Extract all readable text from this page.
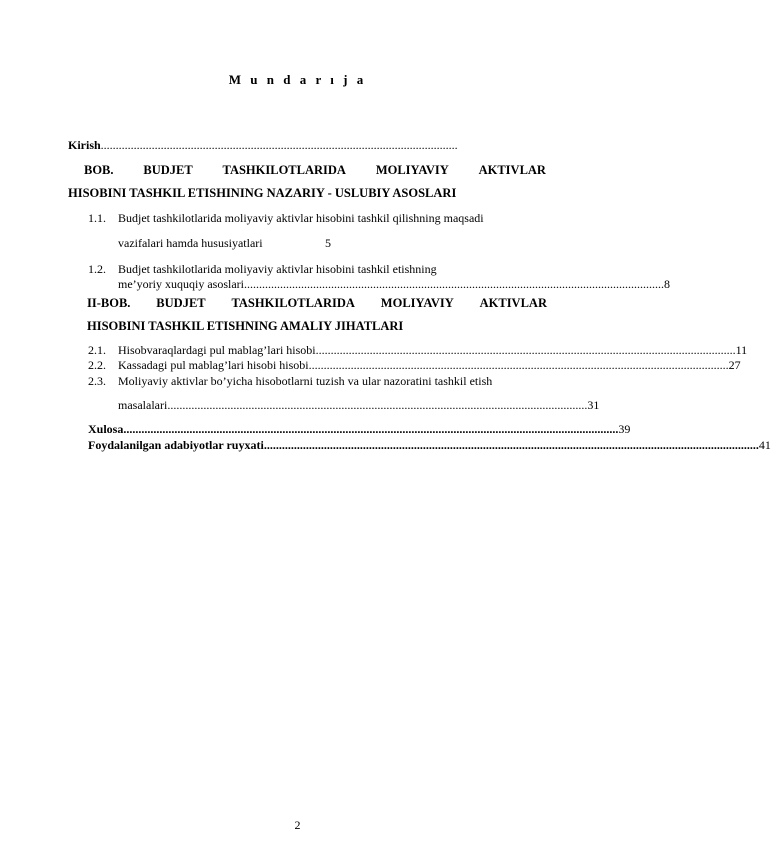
M u n d a r ı j a
Kirish .......................................................................................................................
BOB. BUDJET TASHKILOTLARIDA MOLIYAVIY AKTIVLAR
HISOBINI TASHKIL ETISHINING NAZARIY - USLUBIY ASOSLARI
1.1. Budjet tashkilotlarida moliyaviy aktivlar hisobini tashkil qilishning maqsadi
vazifalari hamda hususiyatlari	5
1.2. Budjet tashkilotlarida moliyaviy aktivlar hisobini tashkil etishning
me’yoriy xuquqiy asoslari ............................................................................................................................................ 8
II-BOB. BUDJET TASHKILOTLARIDA MOLIYAVIY AKTIVLAR
HISOBINI TASHKIL ETISHNING AMALIY JIHATLARI
2.1. Hisobvaraqlardagi pul mablag’lari hisobi ............................................................................................................................................ 11
2.2. Kassadagi pul mablag’lari hisobi hisobi ............................................................................................................................................ 27
2.3. Moliyaviy aktivlar bo’yicha hisobotlarni tuzish va ular nazoratini tashkil etish
masalalari ............................................................................................................................................ 31
Xulosa ..................................................................................................................................................................... 39
Foydalanilgan adabiyotlar ruyxati ..................................................................................................................................................................... 41
2
